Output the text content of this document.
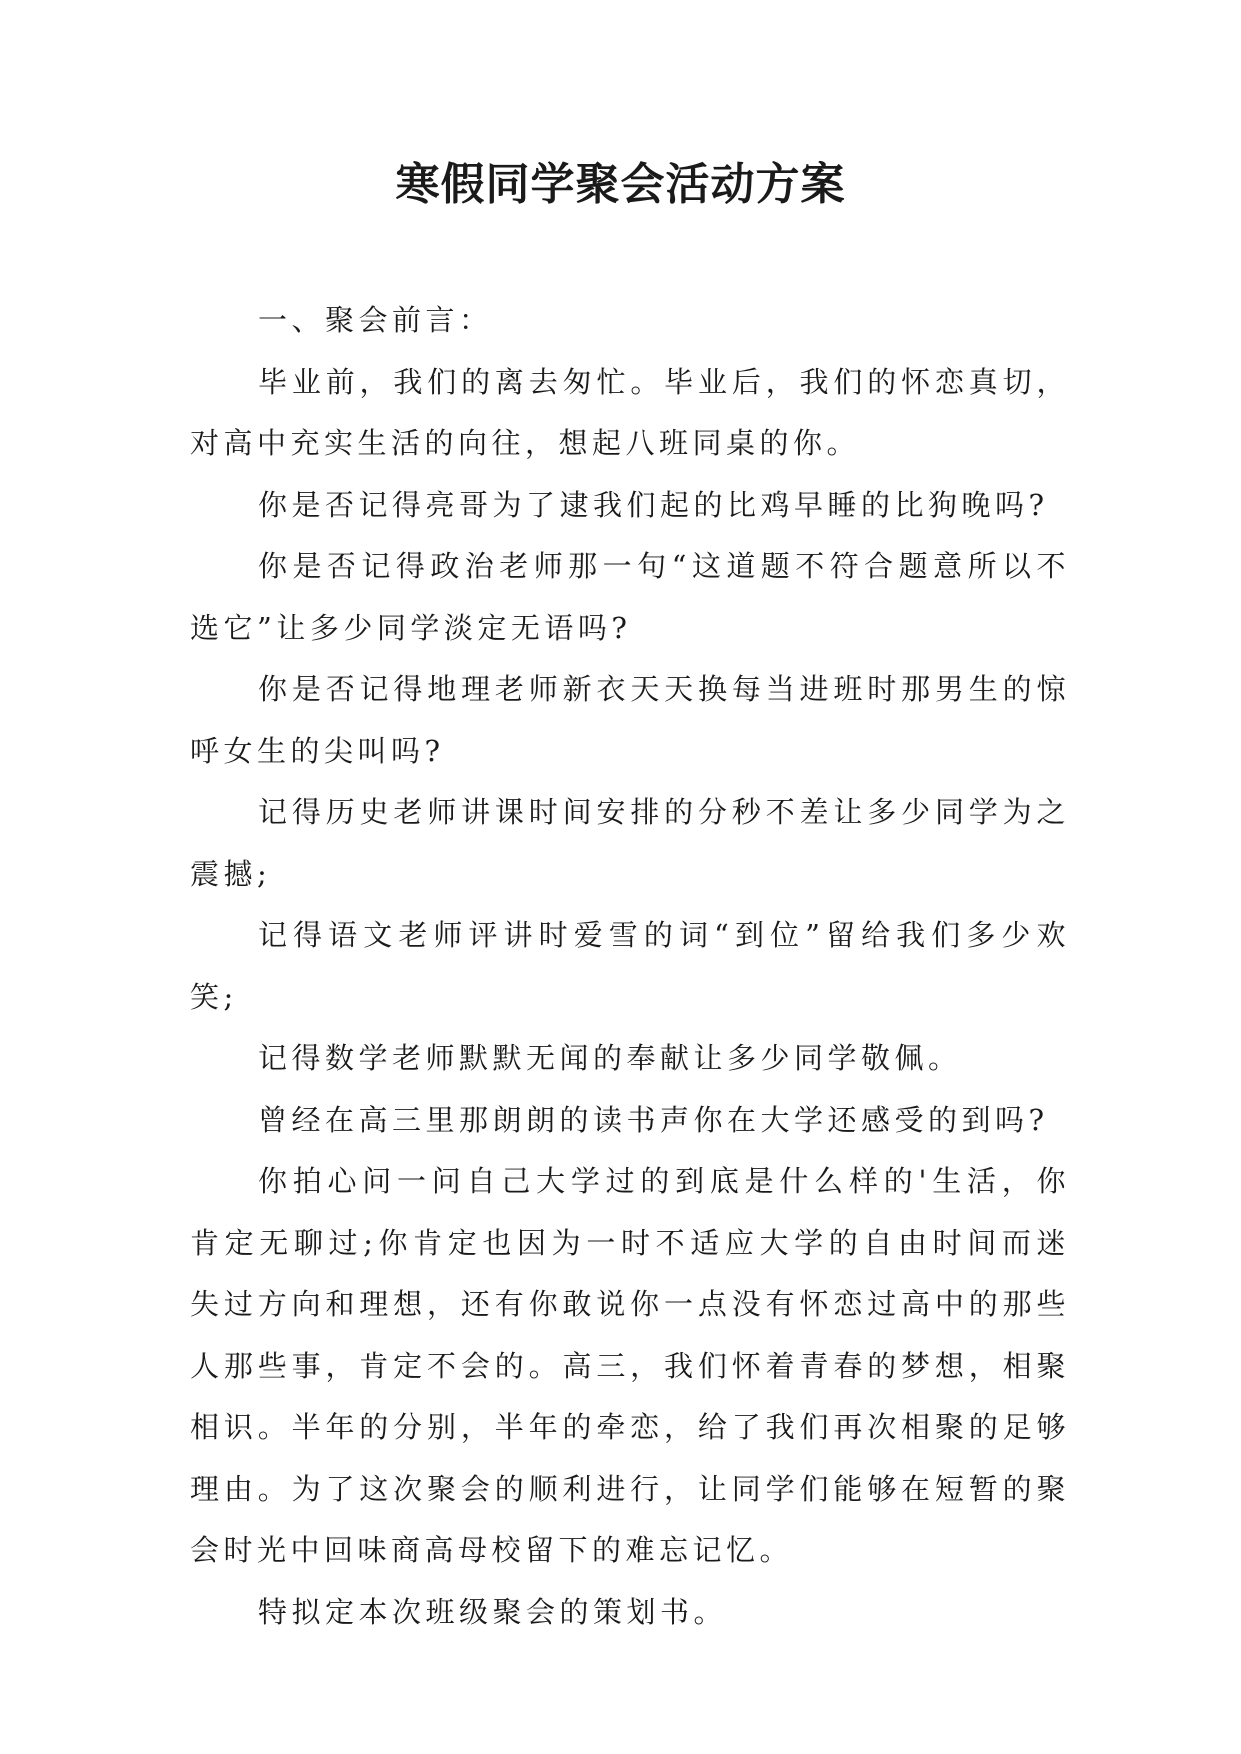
寒假同学聚会活动方案

一、聚会前言：

毕业前，我们的离去匆忙。毕业后，我们的怀恋真切，对高中充实生活的向往，想起八班同桌的你。

你是否记得亮哥为了逮我们起的比鸡早睡的比狗晚吗?

你是否记得政治老师那一句“这道题不符合题意所以不选它”让多少同学淡定无语吗?

你是否记得地理老师新衣天天换每当进班时那男生的惊呼女生的尖叫吗?

记得历史老师讲课时间安排的分秒不差让多少同学为之震撼;

记得语文老师评讲时爱雪的词“到位”留给我们多少欢笑;

记得数学老师默默无闻的奉献让多少同学敬佩。

曾经在高三里那朗朗的读书声你在大学还感受的到吗?

你拍心问一问自己大学过的到底是什么样的'生活，你肯定无聊过;你肯定也因为一时不适应大学的自由时间而迷失过方向和理想，还有你敢说你一点没有怀恋过高中的那些人那些事，肯定不会的。高三，我们怀着青春的梦想，相聚相识。半年的分别，半年的牵恋，给了我们再次相聚的足够理由。为了这次聚会的顺利进行，让同学们能够在短暂的聚会时光中回味商高母校留下的难忘记忆。

特拟定本次班级聚会的策划书。
